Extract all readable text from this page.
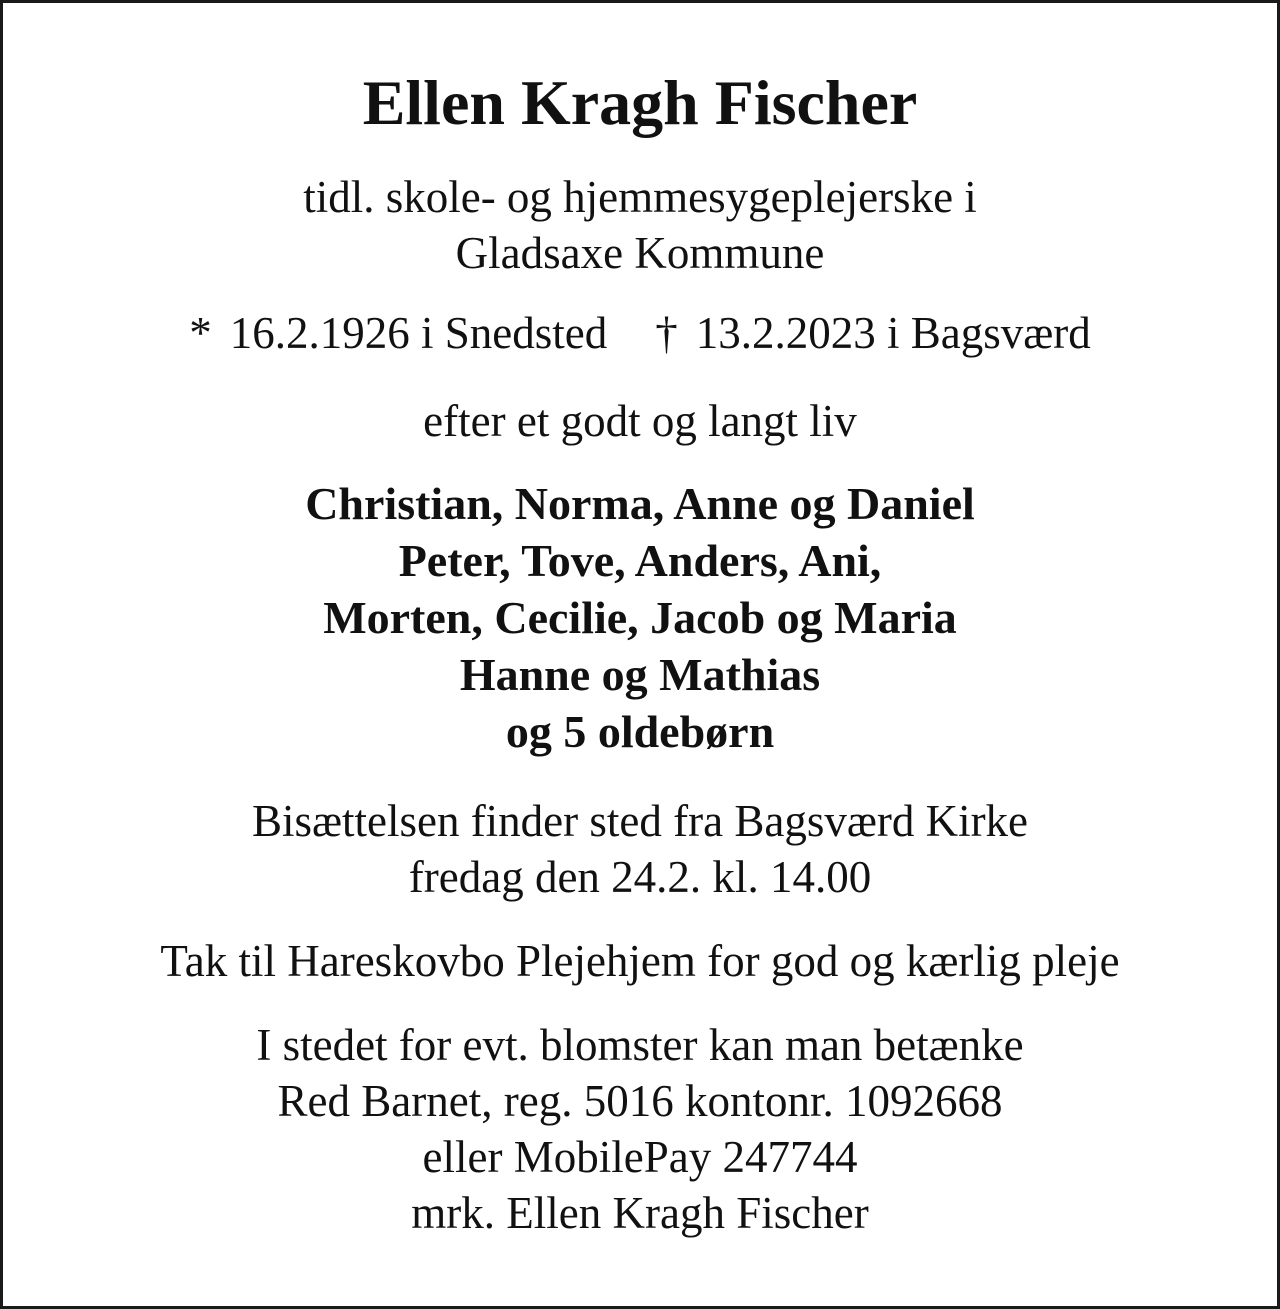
Ellen Kragh Fischer
tidl. skole- og hjemmesygeplejerske i
Gladsaxe Kommune
* 16.2.1926 i Snedsted † 13.2.2023 i Bagsværd
efter et godt og langt liv
Christian, Norma, Anne og Daniel
Peter, Tove, Anders, Ani,
Morten, Cecilie, Jacob og Maria
Hanne og Mathias
og 5 oldebørn
Bisættelsen finder sted fra Bagsværd Kirke
fredag den 24.2. kl. 14.00
Tak til Hareskovbo Plejehjem for god og kærlig pleje
I stedet for evt. blomster kan man betænke
Red Barnet, reg. 5016 kontonr. 1092668
eller MobilePay 247744
mrk. Ellen Kragh Fischer
